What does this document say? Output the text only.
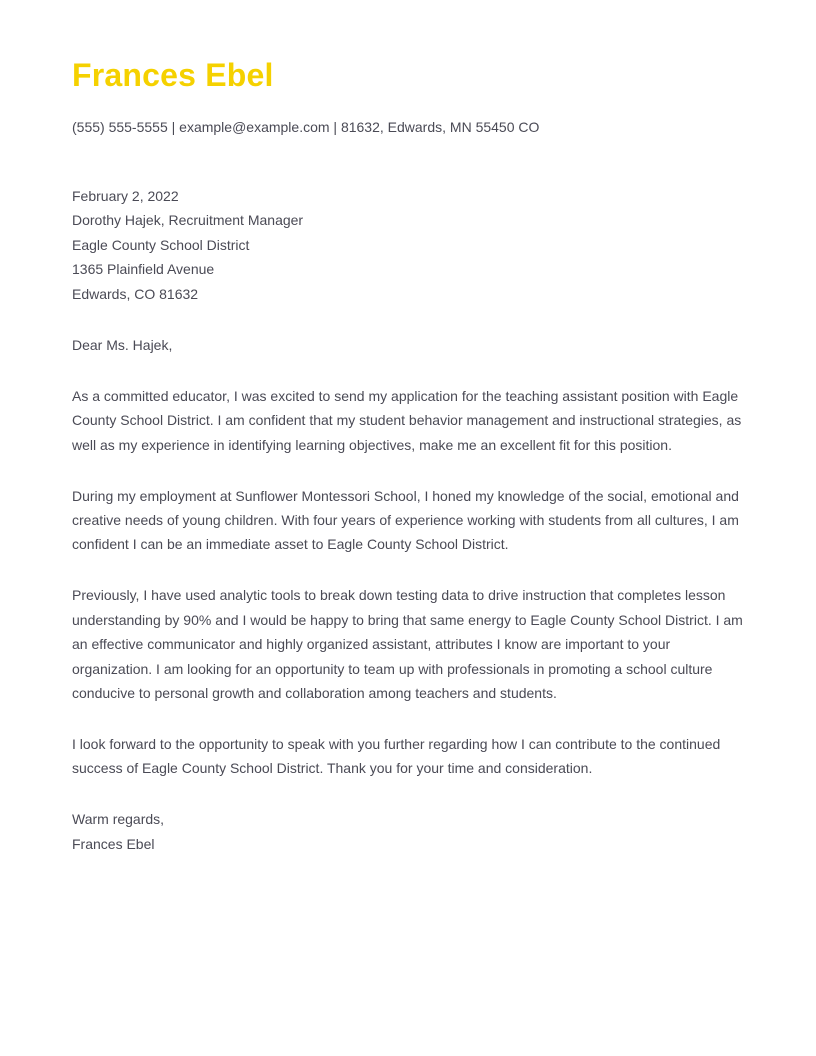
Frances Ebel
(555) 555-5555 | example@example.com | 81632, Edwards, MN 55450 CO
February 2, 2022
Dorothy Hajek, Recruitment Manager
Eagle County School District
1365 Plainfield Avenue
Edwards, CO 81632
Dear Ms. Hajek,
As a committed educator, I was excited to send my application for the teaching assistant position with Eagle County School District. I am confident that my student behavior management and instructional strategies, as well as my experience in identifying learning objectives, make me an excellent fit for this position.
During my employment at Sunflower Montessori School, I honed my knowledge of the social, emotional and creative needs of young children. With four years of experience working with students from all cultures, I am confident I can be an immediate asset to Eagle County School District.
Previously, I have used analytic tools to break down testing data to drive instruction that completes lesson understanding by 90% and I would be happy to bring that same energy to Eagle County School District. I am an effective communicator and highly organized assistant, attributes I know are important to your organization. I am looking for an opportunity to team up with professionals in promoting a school culture conducive to personal growth and collaboration among teachers and students.
I look forward to the opportunity to speak with you further regarding how I can contribute to the continued success of Eagle County School District. Thank you for your time and consideration.
Warm regards,
Frances Ebel
